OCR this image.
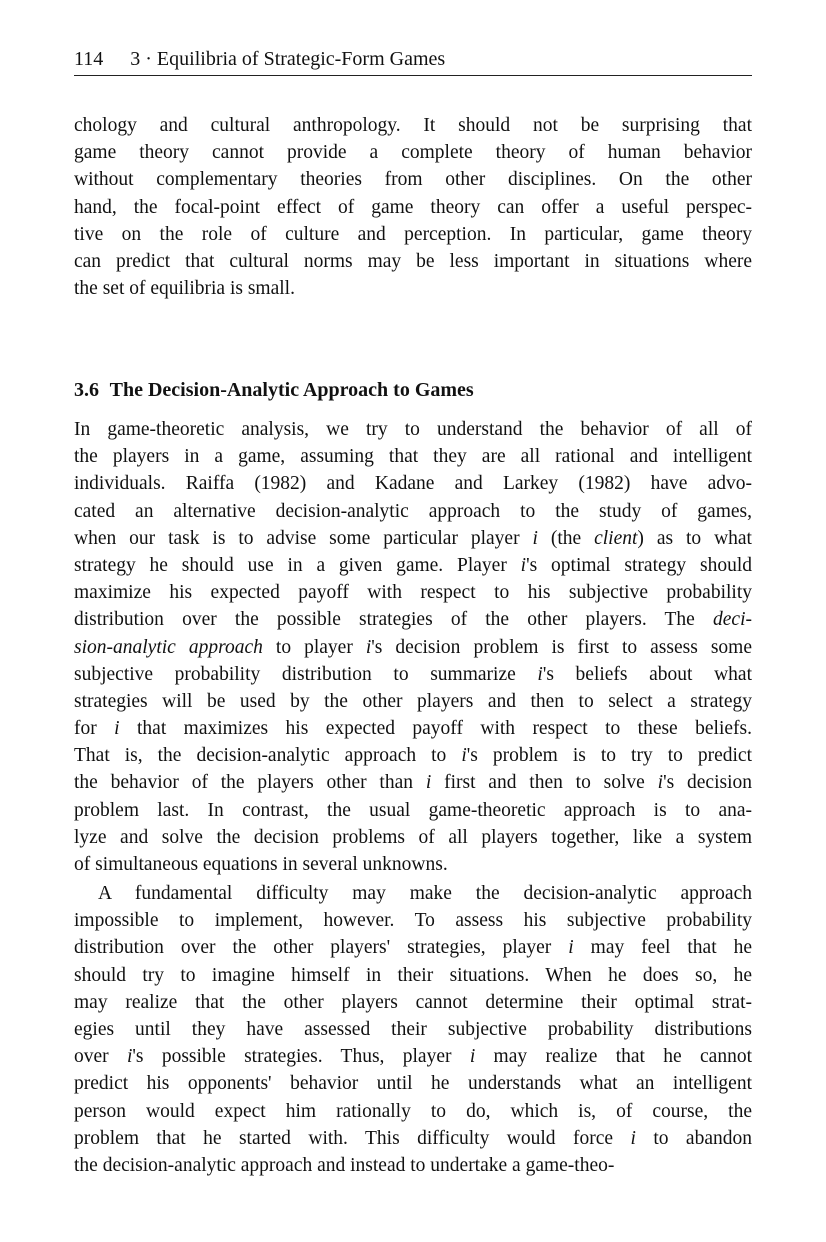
114 3 · Equilibria of Strategic-Form Games
chology and cultural anthropology. It should not be surprising that
game theory cannot provide a complete theory of human behavior
without complementary theories from other disciplines. On the other
hand, the focal-point effect of game theory can offer a useful perspec-
tive on the role of culture and perception. In particular, game theory
can predict that cultural norms may be less important in situations where
the set of equilibria is small.
3.6 The Decision-Analytic Approach to Games
In game-theoretic analysis, we try to understand the behavior of all of
the players in a game, assuming that they are all rational and intelligent
individuals. Raiffa (1982) and Kadane and Larkey (1982) have advo-
cated an alternative decision-analytic approach to the study of games,
when our task is to advise some particular player i (the client) as to what
strategy he should use in a given game. Player i's optimal strategy should
maximize his expected payoff with respect to his subjective probability
distribution over the possible strategies of the other players. The deci-
sion-analytic approach to player i's decision problem is first to assess some
subjective probability distribution to summarize i's beliefs about what
strategies will be used by the other players and then to select a strategy
for i that maximizes his expected payoff with respect to these beliefs.
That is, the decision-analytic approach to i's problem is to try to predict
the behavior of the players other than i first and then to solve i's decision
problem last. In contrast, the usual game-theoretic approach is to ana-
lyze and solve the decision problems of all players together, like a system
of simultaneous equations in several unknowns.
A fundamental difficulty may make the decision-analytic approach
impossible to implement, however. To assess his subjective probability
distribution over the other players' strategies, player i may feel that he
should try to imagine himself in their situations. When he does so, he
may realize that the other players cannot determine their optimal strat-
egies until they have assessed their subjective probability distributions
over i's possible strategies. Thus, player i may realize that he cannot
predict his opponents' behavior until he understands what an intelligent
person would expect him rationally to do, which is, of course, the
problem that he started with. This difficulty would force i to abandon
the decision-analytic approach and instead to undertake a game-theo-
